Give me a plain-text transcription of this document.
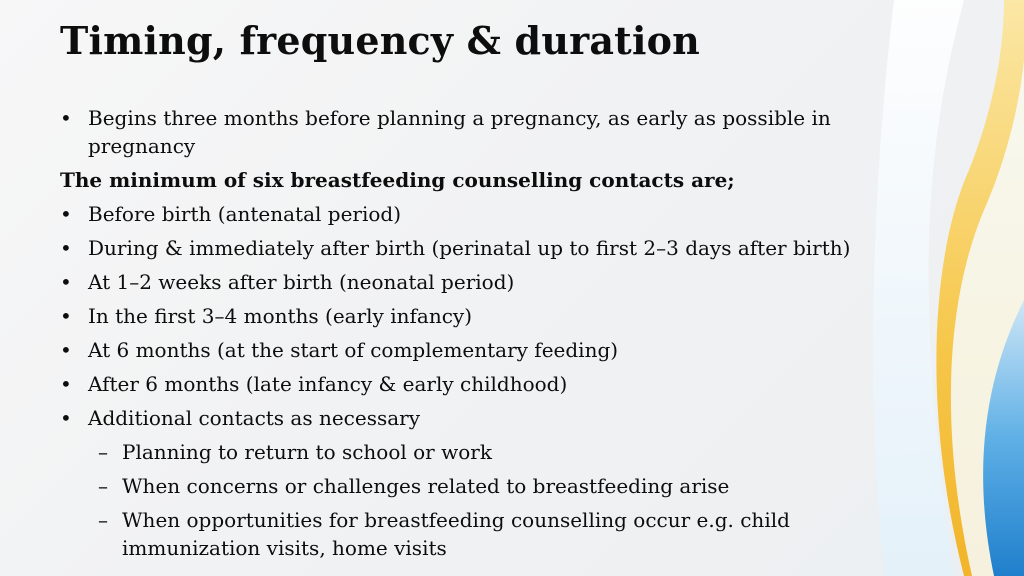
Timing, frequency & duration
• Begins three months before planning a pregnancy, as early as possible in pregnancy
The minimum of six breastfeeding counselling contacts are;
• Before birth (antenatal period)
• During & immediately after birth (perinatal up to first 2–3 days after birth)
• At 1–2 weeks after birth (neonatal period)
• In the first 3–4 months (early infancy)
• At 6 months (at the start of complementary feeding)
• After 6 months (late infancy & early childhood)
• Additional contacts as necessary
– Planning to return to school or work
– When concerns or challenges related to breastfeeding arise
– When opportunities for breastfeeding counselling occur e.g. child immunization visits, home visits
